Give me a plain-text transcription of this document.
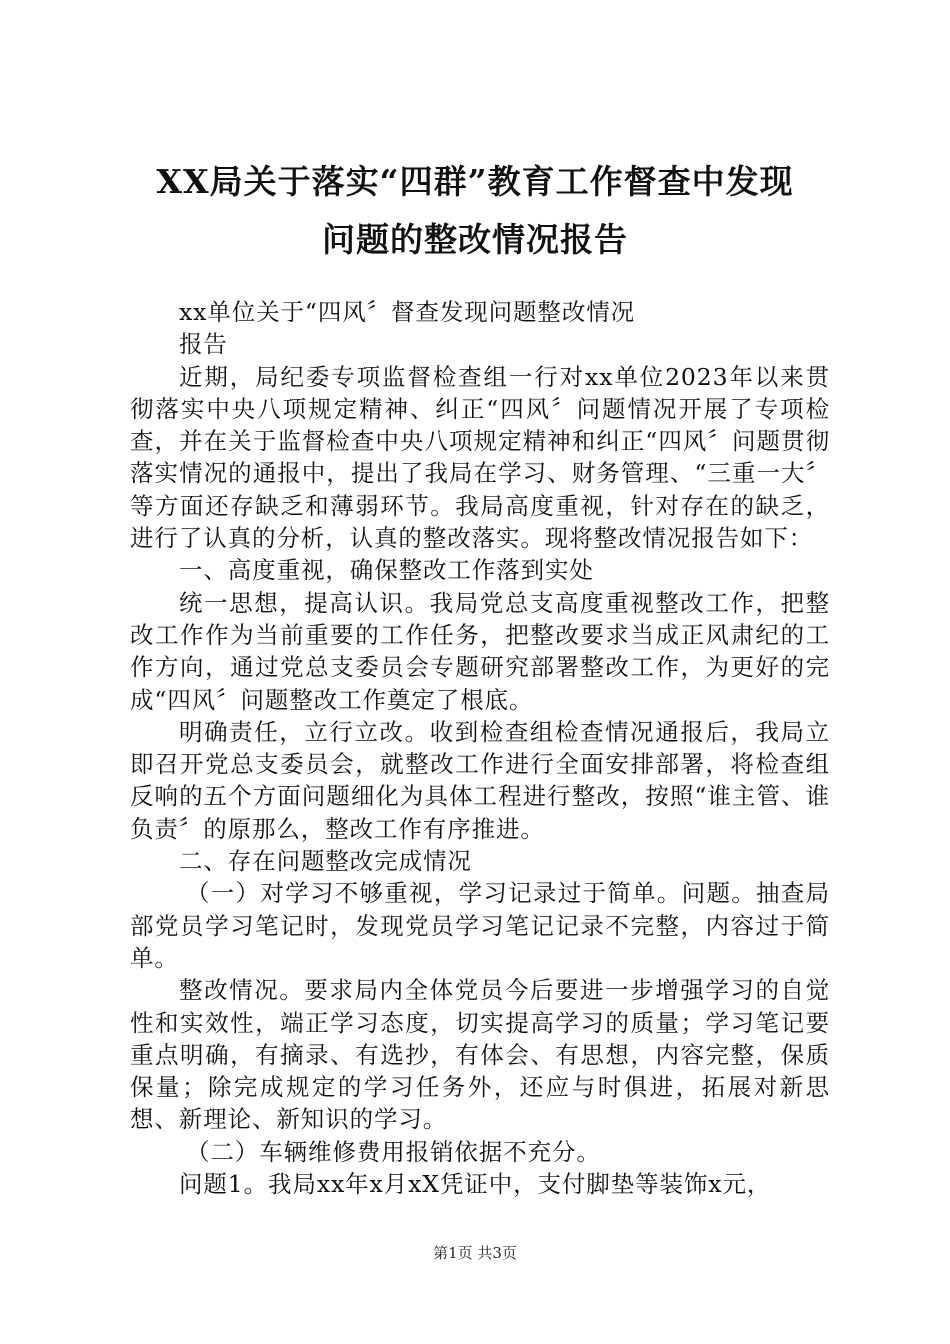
XX局关于落实“四群”教育工作督查中发现
问题的整改情况报告

xx单位关于“四风〞督查发现问题整改情况

报告

近期，局纪委专项监督检查组一行对xx单位2023年以来贯彻落实中央八项规定精神、纠正“四风〞问题情况开展了专项检查，并在关于监督检查中央八项规定精神和纠正“四风〞问题贯彻落实情况的通报中，提出了我局在学习、财务管理、“三重一大〞等方面还存缺乏和薄弱环节。我局高度重视，针对存在的缺乏，进行了认真的分析，认真的整改落实。现将整改情况报告如下：

一、高度重视，确保整改工作落到实处

统一思想，提高认识。我局党总支高度重视整改工作，把整改工作作为当前重要的工作任务，把整改要求当成正风肃纪的工作方向，通过党总支委员会专题研究部署整改工作，为更好的完成“四风〞问题整改工作奠定了根底。

明确责任，立行立改。收到检查组检查情况通报后，我局立即召开党总支委员会，就整改工作进行全面安排部署，将检查组反响的五个方面问题细化为具体工程进行整改，按照“谁主管、谁负责〞的原那么，整改工作有序推进。

二、存在问题整改完成情况

（一）对学习不够重视，学习记录过于简单。问题。抽查局部党员学习笔记时，发现党员学习笔记记录不完整，内容过于简单。

整改情况。要求局内全体党员今后要进一步增强学习的自觉性和实效性，端正学习态度，切实提高学习的质量；学习笔记要重点明确，有摘录、有选抄，有体会、有思想，内容完整，保质保量；除完成规定的学习任务外，还应与时俱进，拓展对新思想、新理论、新知识的学习。

（二）车辆维修费用报销依据不充分。

问题1。我局xx年x月xX凭证中，支付脚垫等装饰x元，

第1页 共3页
